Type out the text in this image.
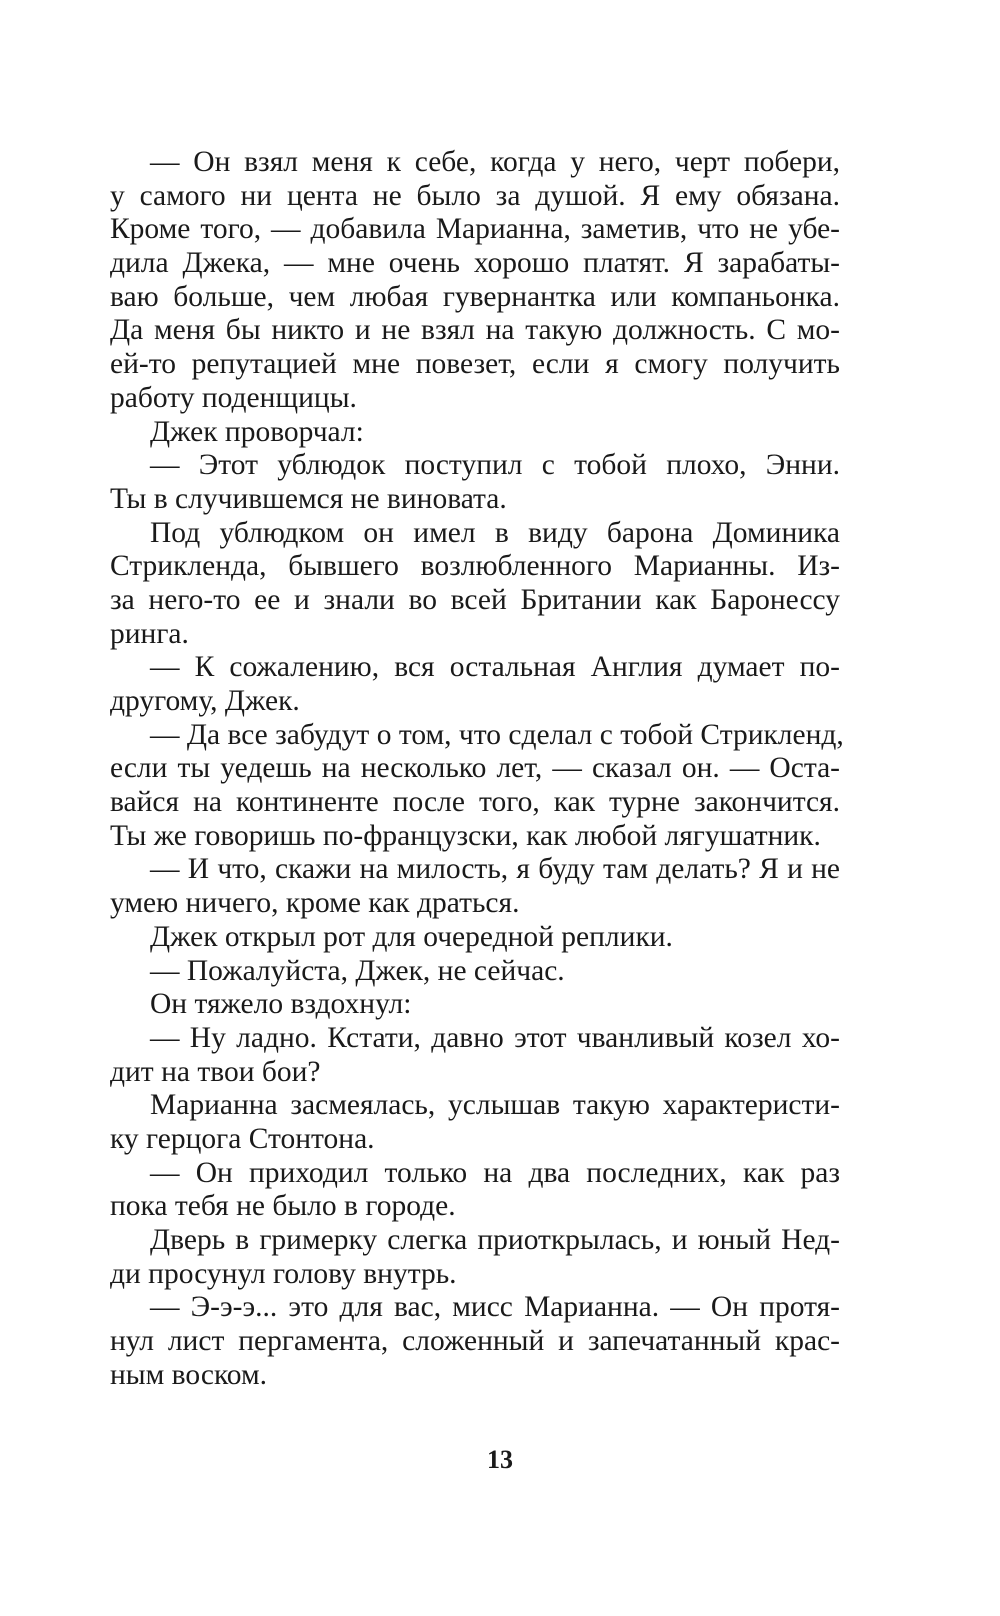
— Он взял меня к себе, когда у него, черт побери,
у самого ни цента не было за душой. Я ему обязана.
Кроме того, — добавила Марианна, заметив, что не убе-
дила Джека, — мне очень хорошо платят. Я зарабаты-
ваю больше, чем любая гувернантка или компаньонка.
Да меня бы никто и не взял на такую должность. С мо-
ей-то репутацией мне повезет, если я смогу получить
работу поденщицы.
Джек проворчал:
— Этот ублюдок поступил с тобой плохо, Энни.
Ты в случившемся не виновата.
Под ублюдком он имел в виду барона Доминика
Стрикленда, бывшего возлюбленного Марианны. Из-
за него-то ее и знали во всей Британии как Баронессу
ринга.
— К сожалению, вся остальная Англия думает по-
другому, Джек.
— Да все забудут о том, что сделал с тобой Стрикленд,
если ты уедешь на несколько лет, — сказал он. — Оста-
вайся на континенте после того, как турне закончится.
Ты же говоришь по-французски, как любой лягушатник.
— И что, скажи на милость, я буду там делать? Я и не
умею ничего, кроме как драться.
Джек открыл рот для очередной реплики.
— Пожалуйста, Джек, не сейчас.
Он тяжело вздохнул:
— Ну ладно. Кстати, давно этот чванливый козел хо-
дит на твои бои?
Марианна засмеялась, услышав такую характеристи-
ку герцога Стонтона.
— Он приходил только на два последних, как раз
пока тебя не было в городе.
Дверь в гримерку слегка приоткрылась, и юный Нед-
ди просунул голову внутрь.
— Э-э-э... это для вас, мисс Марианна. — Он протя-
нул лист пергамента, сложенный и запечатанный крас-
ным воском.
13
